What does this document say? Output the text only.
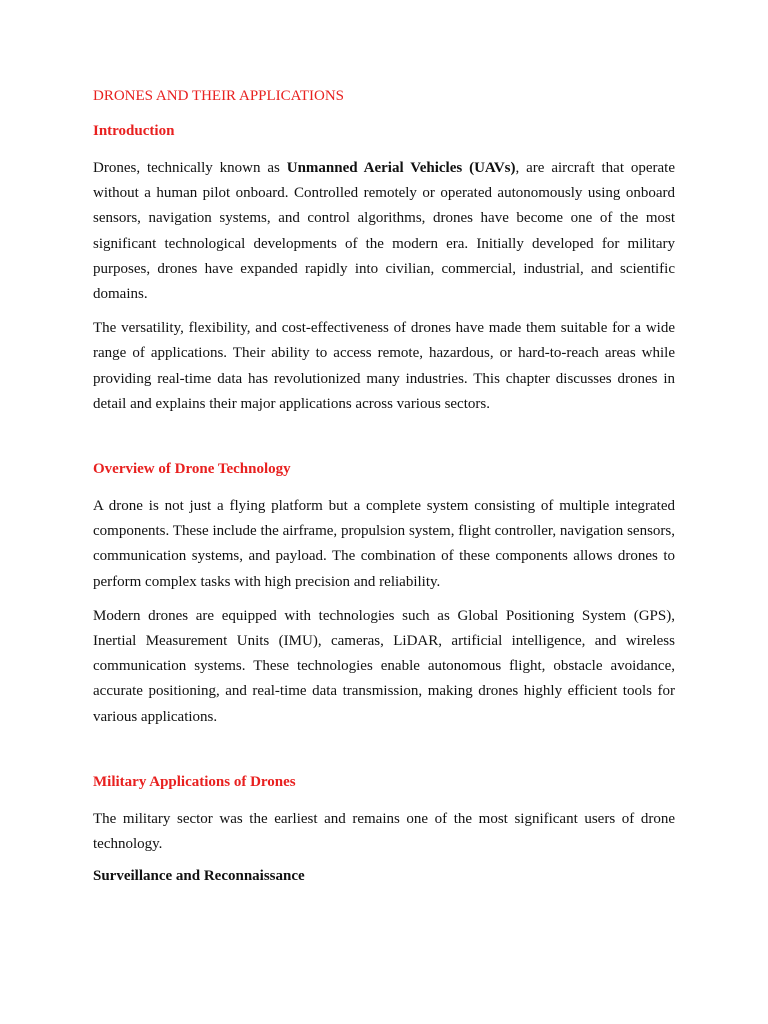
DRONES AND THEIR APPLICATIONS
Introduction

Drones, technically known as Unmanned Aerial Vehicles (UAVs), are aircraft that operate without a human pilot onboard. Controlled remotely or operated autonomously using onboard sensors, navigation systems, and control algorithms, drones have become one of the most significant technological developments of the modern era. Initially developed for military purposes, drones have expanded rapidly into civilian, commercial, industrial, and scientific domains.

The versatility, flexibility, and cost-effectiveness of drones have made them suitable for a wide range of applications. Their ability to access remote, hazardous, or hard-to-reach areas while providing real-time data has revolutionized many industries. This chapter discusses drones in detail and explains their major applications across various sectors.

Overview of Drone Technology

A drone is not just a flying platform but a complete system consisting of multiple integrated components. These include the airframe, propulsion system, flight controller, navigation sensors, communication systems, and payload. The combination of these components allows drones to perform complex tasks with high precision and reliability.

Modern drones are equipped with technologies such as Global Positioning System (GPS), Inertial Measurement Units (IMU), cameras, LiDAR, artificial intelligence, and wireless communication systems. These technologies enable autonomous flight, obstacle avoidance, accurate positioning, and real-time data transmission, making drones highly efficient tools for various applications.

Military Applications of Drones

The military sector was the earliest and remains one of the most significant users of drone technology.

Surveillance and Reconnaissance
